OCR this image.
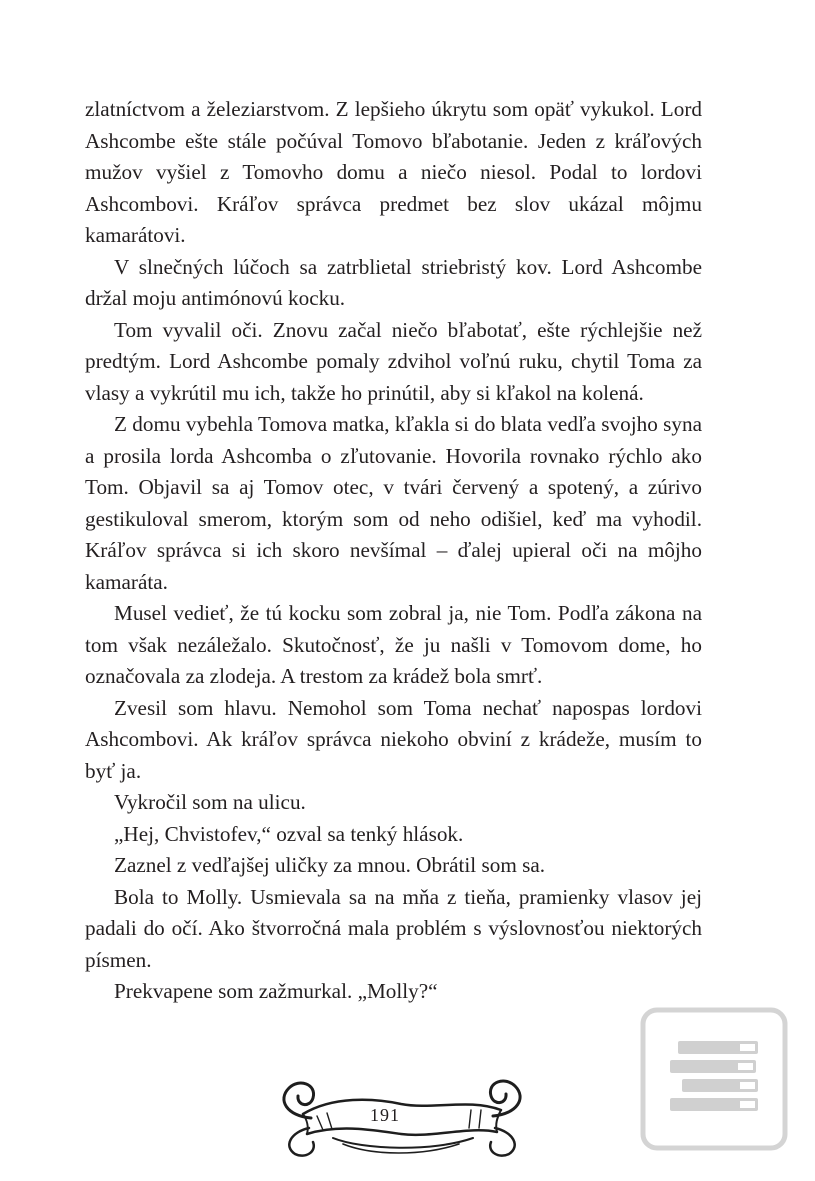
zlatníctvom a železiarstvom. Z lepšieho úkrytu som opäť vykukol. Lord Ashcombe ešte stále počúval Tomovo bľabotanie. Jeden z kráľových mužov vyšiel z Tomovho domu a niečo niesol. Podal to lordovi Ashcombovi. Kráľov správca predmet bez slov ukázal môjmu kamarátovi.

V slnečných lúčoch sa zatrblietal striebristý kov. Lord Ashcombe držal moju antimónovú kocku.

Tom vyvalil oči. Znovu začal niečo bľabotať, ešte rýchlejšie než predtým. Lord Ashcombe pomaly zdvihol voľnú ruku, chytil Toma za vlasy a vykrútil mu ich, takže ho prinútil, aby si kľakol na kolená.

Z domu vybehla Tomova matka, kľakla si do blata vedľa svojho syna a prosila lorda Ashcomba o zľutovanie. Hovorila rovnako rýchlo ako Tom. Objavil sa aj Tomov otec, v tvári červený a spotený, a zúrivo gestikuloval smerom, ktorým som od neho odišiel, keď ma vyhodil. Kráľov správca si ich skoro nevšímal – ďalej upieral oči na môjho kamaráta.

Musel vedieť, že tú kocku som zobral ja, nie Tom. Podľa zákona na tom však nezáležalo. Skutočnosť, že ju našli v Tomovom dome, ho označovala za zlodeja. A trestom za krádež bola smrť.

Zvesil som hlavu. Nemohol som Toma nechať napospas lordovi Ashcombovi. Ak kráľov správca niekoho obviní z krádeže, musím to byť ja.

Vykročil som na ulicu.

„Hej, Chvistofev,“ ozval sa tenký hlások.

Zaznel z vedľajšej uličky za mnou. Obrátil som sa.

Bola to Molly. Usmievala sa na mňa z tieňa, pramienky vlasov jej padali do očí. Ako štvorročná mala problém s výslovnosťou niektorých písmen.

Prekvapene som zažmurkal. „Molly?“

191
